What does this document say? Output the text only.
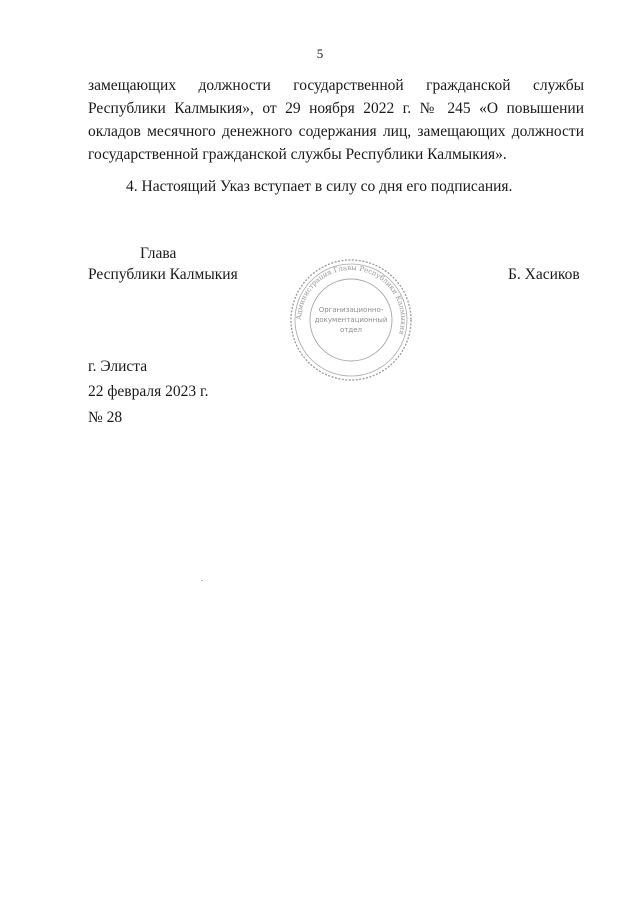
5

замещающих должности государственной гражданской службы Республики Калмыкия», от 29 ноября 2022 г. № 245 «О повышении окладов месячного денежного содержания лиц, замещающих должности государственной гражданской службы Республики Калмыкия».

4. Настоящий Указ вступает в силу со дня его подписания.

Глава
Республики Калмыкия	Б. Хасиков
Администрация Главы Республики Калмыкия
Организационно-
документационный
отдел
г. Элиста
22 февраля 2023 г.
№ 28
